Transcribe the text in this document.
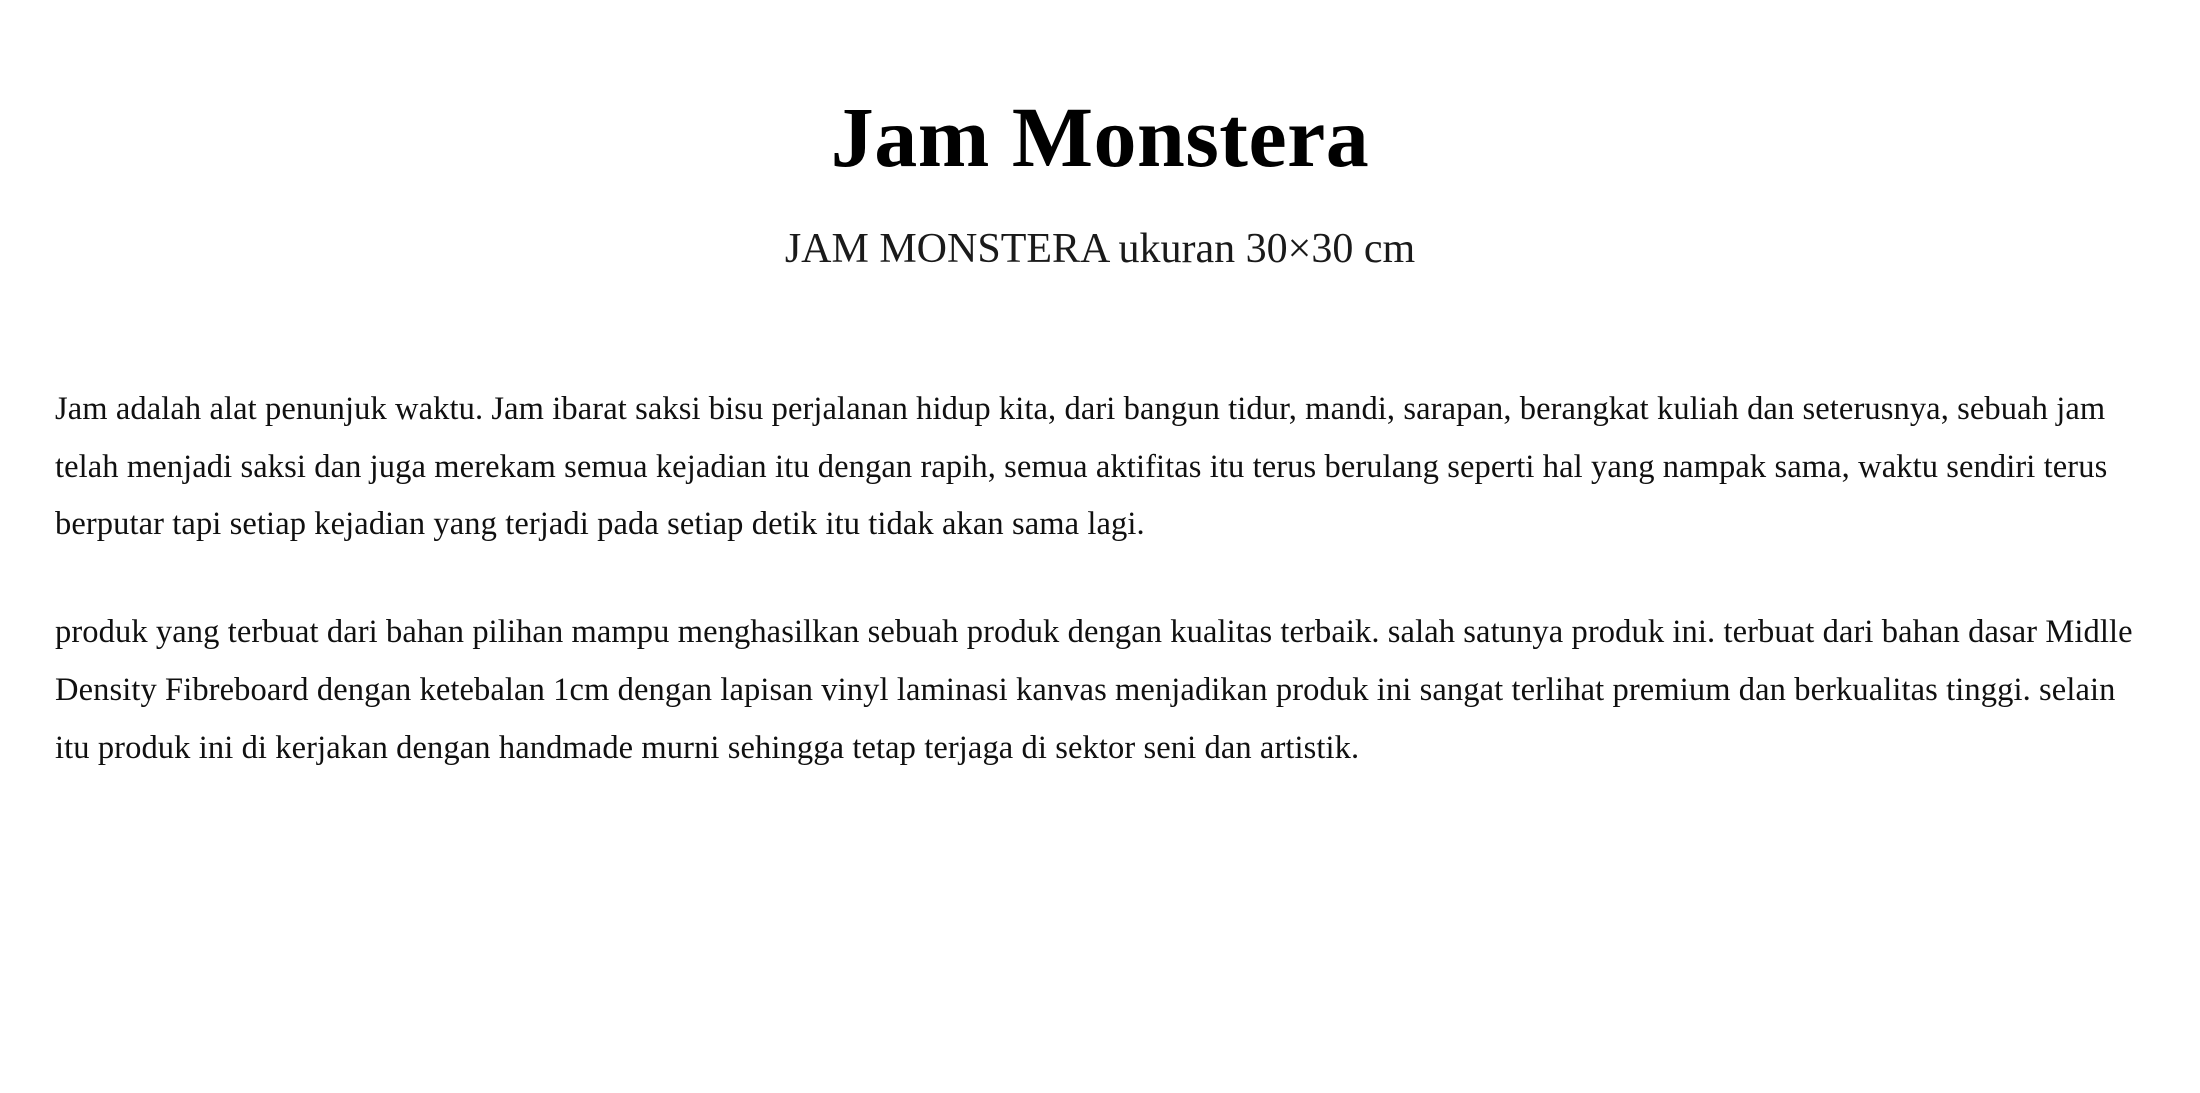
Jam Monstera

JAM MONSTERA ukuran 30×30 cm

Jam adalah alat penunjuk waktu. Jam ibarat saksi bisu perjalanan hidup kita, dari bangun tidur, mandi, sarapan, berangkat kuliah dan seterusnya, sebuah jam telah menjadi saksi dan juga merekam semua kejadian itu dengan rapih, semua aktifitas itu terus berulang seperti hal yang nampak sama, waktu sendiri terus berputar tapi setiap kejadian yang terjadi pada setiap detik itu tidak akan sama lagi.

produk yang terbuat dari bahan pilihan mampu menghasilkan sebuah produk dengan kualitas terbaik. salah satunya produk ini. terbuat dari bahan dasar Midlle Density Fibreboard dengan ketebalan 1cm dengan lapisan vinyl laminasi kanvas menjadikan produk ini sangat terlihat premium dan berkualitas tinggi. selain itu produk ini di kerjakan dengan handmade murni sehingga tetap terjaga di sektor seni dan artistik.
